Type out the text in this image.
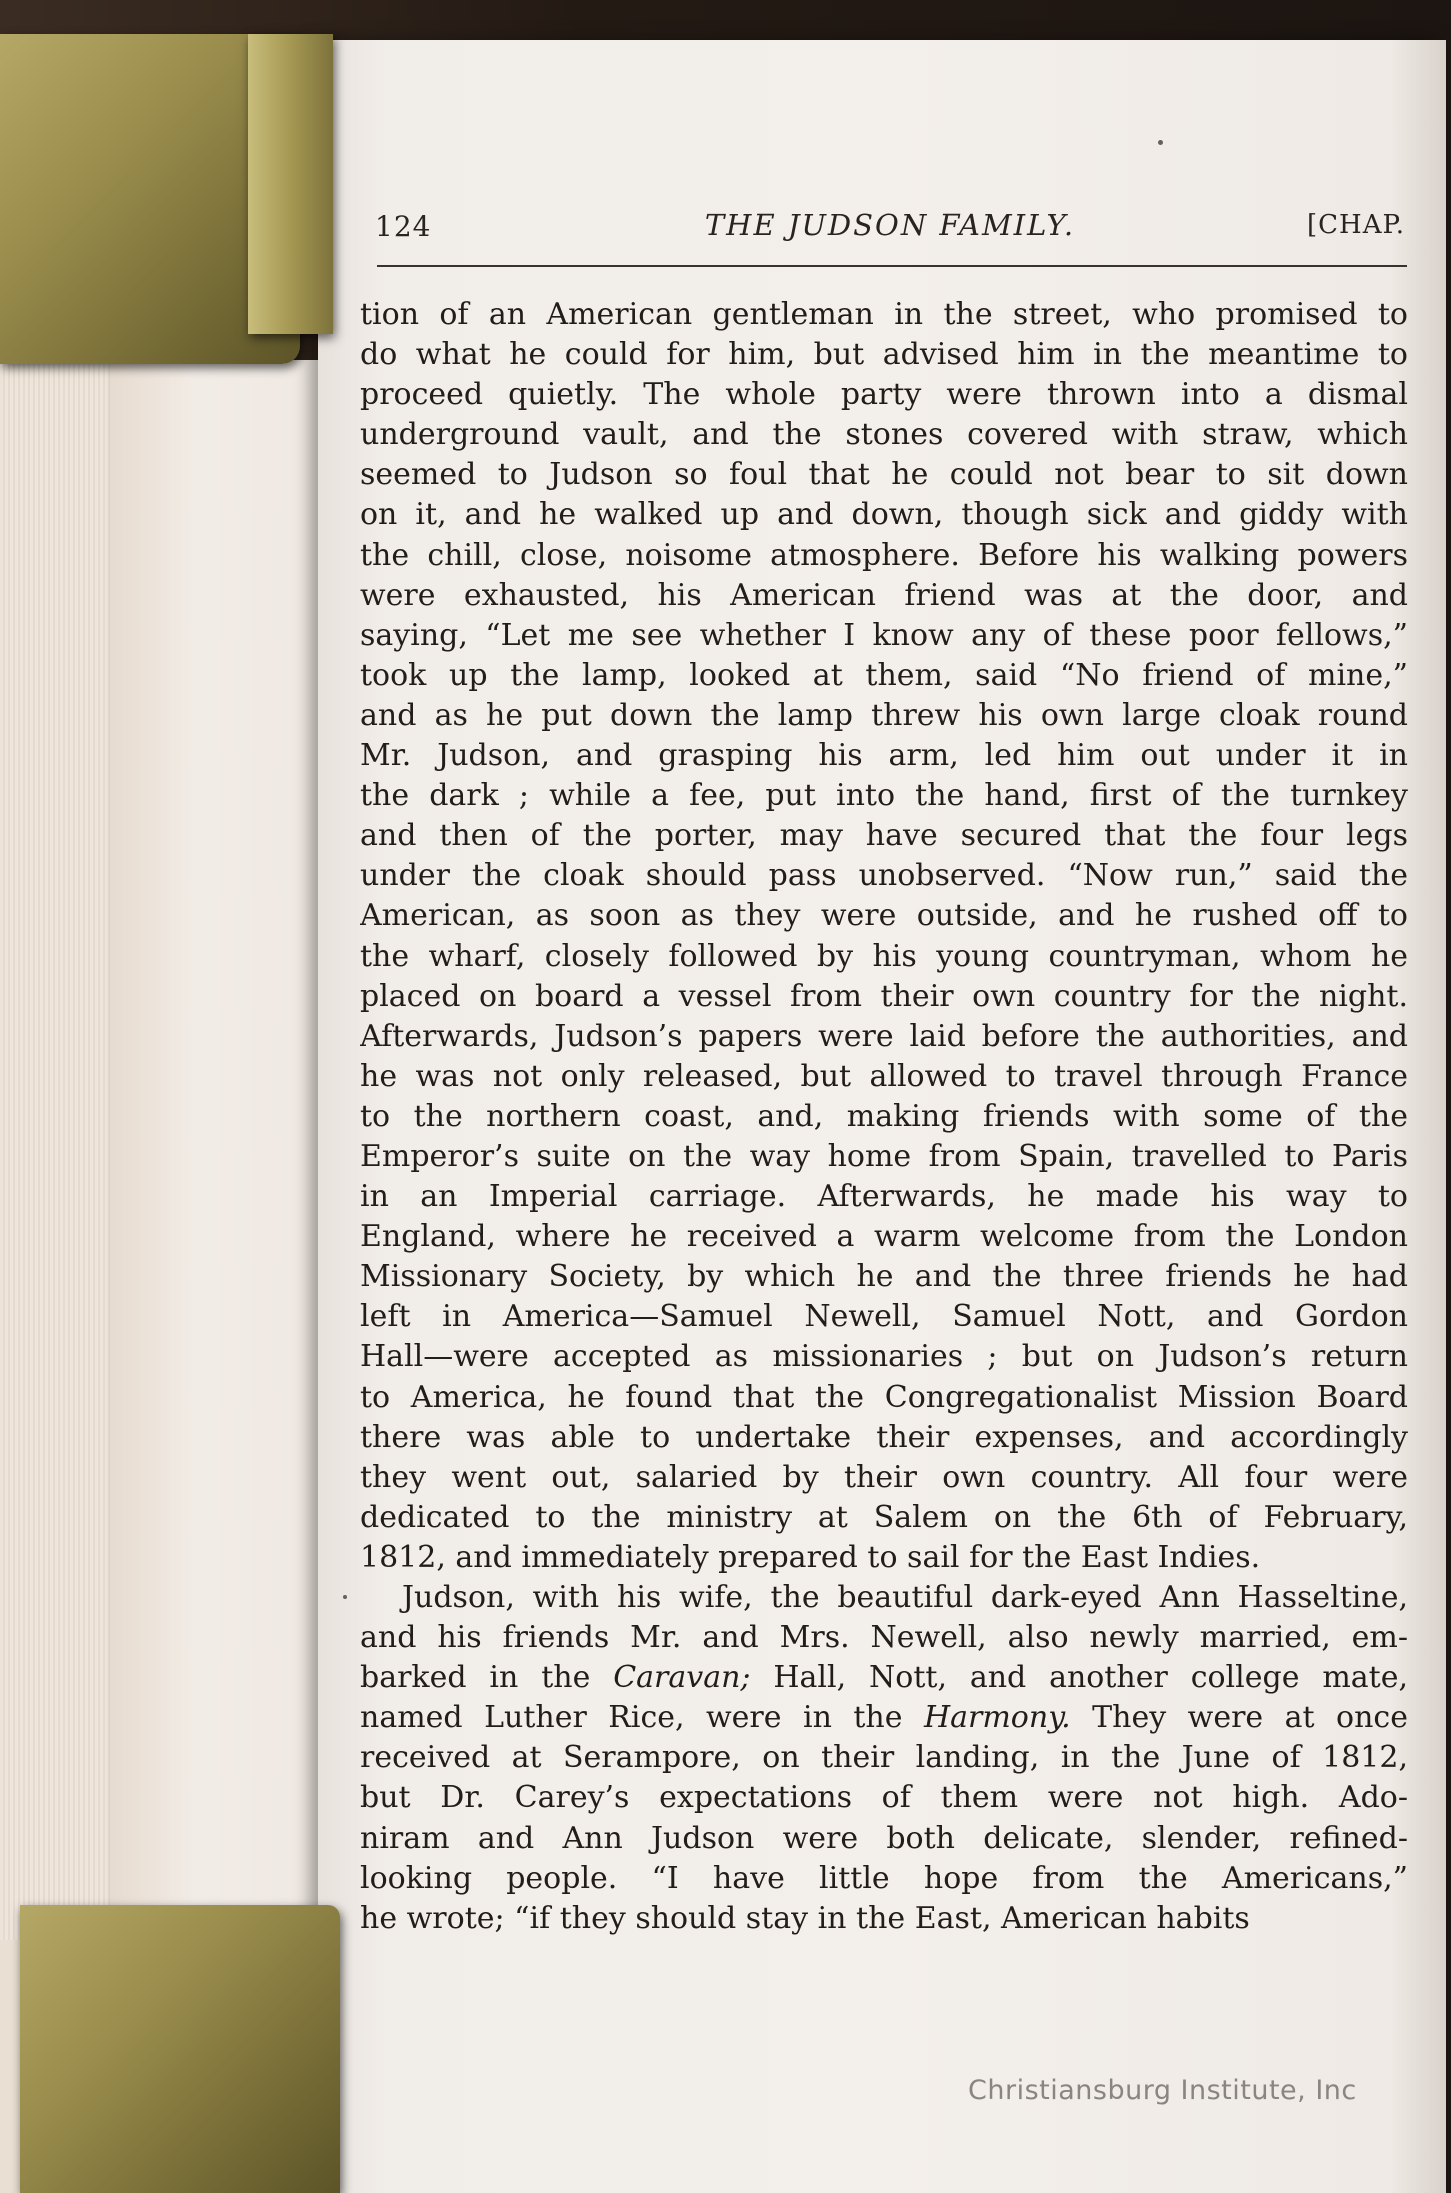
124	THE JUDSON FAMILY.	[CHAP.
tion of an American gentleman in the street, who promised to
do what he could for him, but advised him in the meantime to
proceed quietly. The whole party were thrown into a dismal
underground vault, and the stones covered with straw, which
seemed to Judson so foul that he could not bear to sit down
on it, and he walked up and down, though sick and giddy with
the chill, close, noisome atmosphere. Before his walking powers
were exhausted, his American friend was at the door, and
saying, “Let me see whether I know any of these poor fellows,”
took up the lamp, looked at them, said “No friend of mine,”
and as he put down the lamp threw his own large cloak round
Mr. Judson, and grasping his arm, led him out under it in
the dark ; while a fee, put into the hand, first of the turnkey
and then of the porter, may have secured that the four legs
under the cloak should pass unobserved. “Now run,” said the
American, as soon as they were outside, and he rushed off to
the wharf, closely followed by his young countryman, whom he
placed on board a vessel from their own country for the night.
Afterwards, Judson’s papers were laid before the authorities, and
he was not only released, but allowed to travel through France
to the northern coast, and, making friends with some of the
Emperor’s suite on the way home from Spain, travelled to Paris
in an Imperial carriage. Afterwards, he made his way to
England, where he received a warm welcome from the London
Missionary Society, by which he and the three friends he had
left in America—Samuel Newell, Samuel Nott, and Gordon
Hall—were accepted as missionaries ; but on Judson’s return
to America, he found that the Congregationalist Mission Board
there was able to undertake their expenses, and accordingly
they went out, salaried by their own country. All four were
dedicated to the ministry at Salem on the 6th of February,
1812, and immediately prepared to sail for the East Indies.
Judson, with his wife, the beautiful dark-eyed Ann Hasseltine,
and his friends Mr. and Mrs. Newell, also newly married, em-
barked in the Caravan; Hall, Nott, and another college mate,
named Luther Rice, were in the Harmony. They were at once
received at Serampore, on their landing, in the June of 1812,
but Dr. Carey’s expectations of them were not high. Ado-
niram and Ann Judson were both delicate, slender, refined-
looking people. “I have little hope from the Americans,”
he wrote; “if they should stay in the East, American habits
Christiansburg Institute, Inc
